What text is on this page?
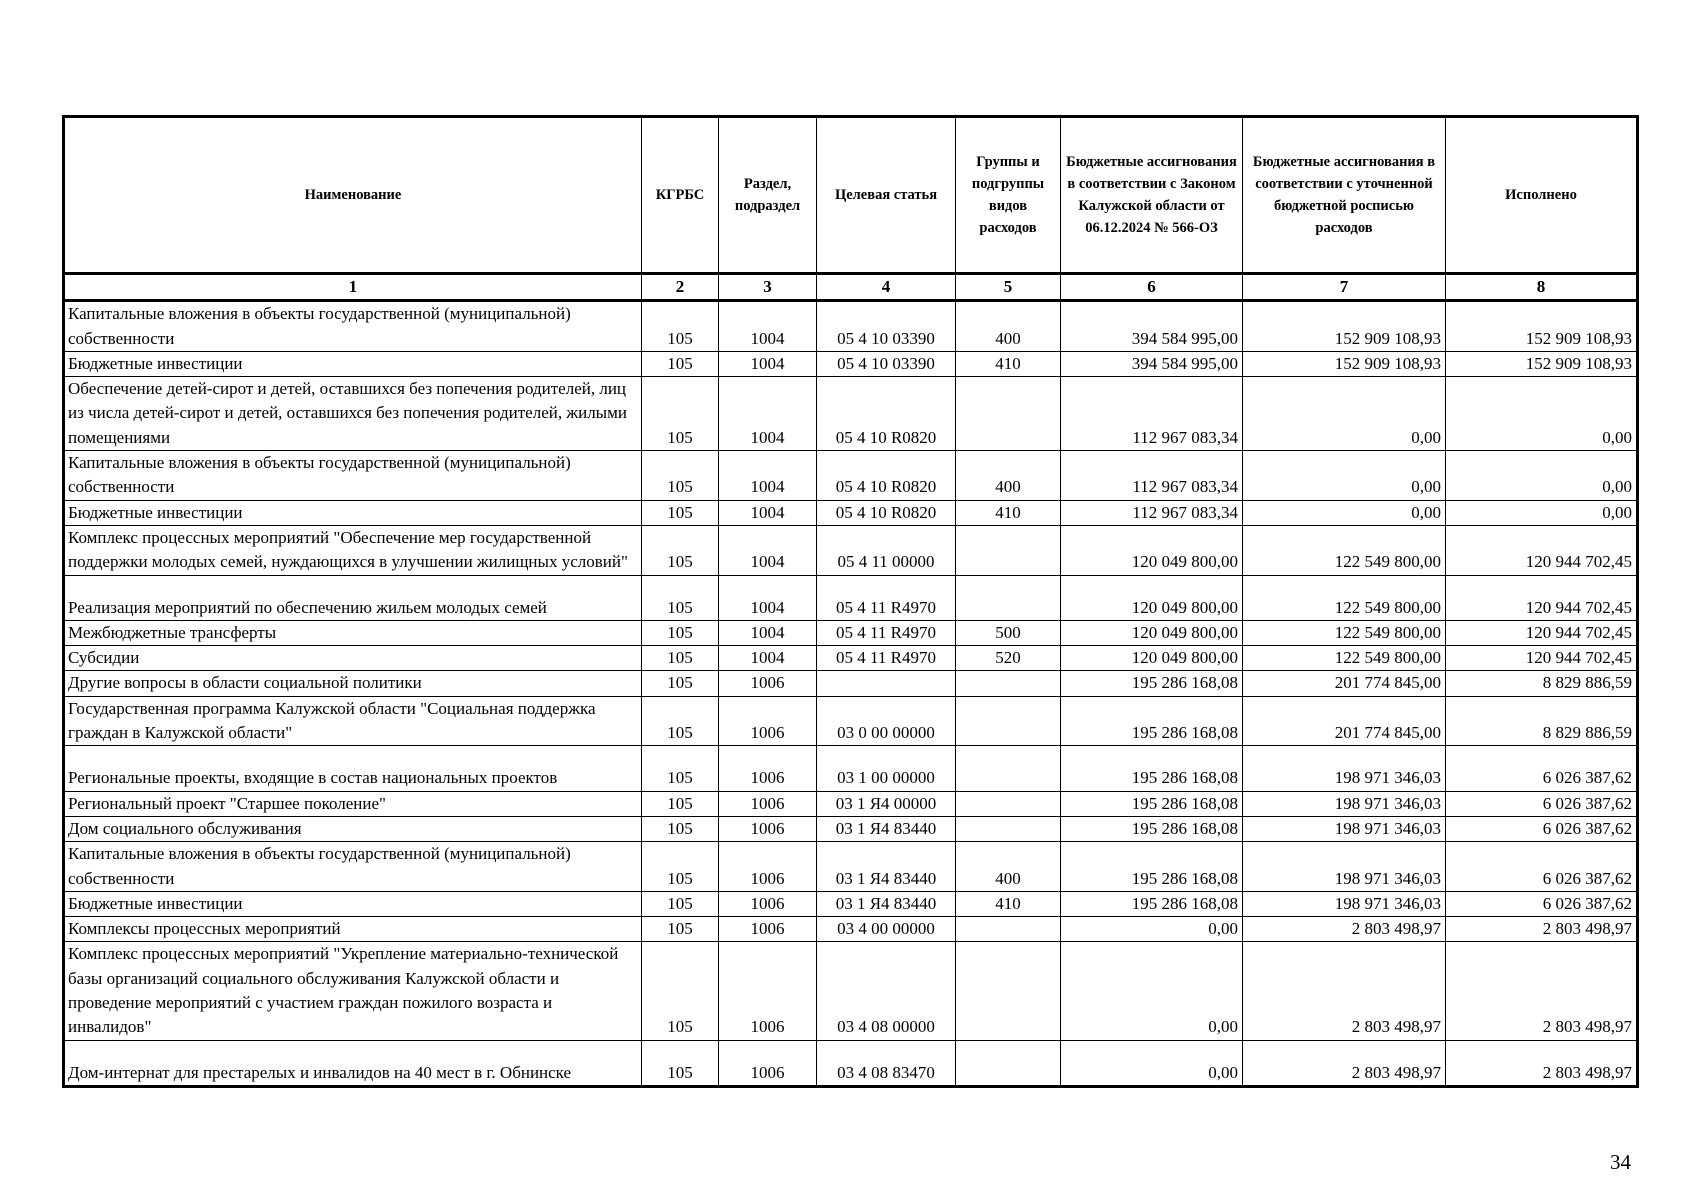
Наименование	КГРБС	Раздел, подраздел	Целевая статья	Группы и подгруппы видов расходов	Бюджетные ассигнования в соответствии с Законом Калужской области от 06.12.2024 № 566-ОЗ	Бюджетные ассигнования в соответствии с уточненной бюджетной росписью расходов	Исполнено
1	2	3	4	5	6	7	8
Капитальные вложения в объекты государственной (муниципальной) собственности	105	1004	05 4 10 03390	400	394 584 995,00	152 909 108,93	152 909 108,93
Бюджетные инвестиции	105	1004	05 4 10 03390	410	394 584 995,00	152 909 108,93	152 909 108,93
Обеспечение детей-сирот и детей, оставшихся без попечения родителей, лиц из числа детей-сирот и детей, оставшихся без попечения родителей, жилыми помещениями	105	1004	05 4 10 R0820		112 967 083,34	0,00	0,00
Капитальные вложения в объекты государственной (муниципальной) собственности	105	1004	05 4 10 R0820	400	112 967 083,34	0,00	0,00
Бюджетные инвестиции	105	1004	05 4 10 R0820	410	112 967 083,34	0,00	0,00
Комплекс процессных мероприятий "Обеспечение мер государственной поддержки молодых семей, нуждающихся в улучшении жилищных условий"	105	1004	05 4 11 00000		120 049 800,00	122 549 800,00	120 944 702,45
Реализация мероприятий по обеспечению жильем молодых семей	105	1004	05 4 11 R4970		120 049 800,00	122 549 800,00	120 944 702,45
Межбюджетные трансферты	105	1004	05 4 11 R4970	500	120 049 800,00	122 549 800,00	120 944 702,45
Субсидии	105	1004	05 4 11 R4970	520	120 049 800,00	122 549 800,00	120 944 702,45
Другие вопросы в области социальной политики	105	1006			195 286 168,08	201 774 845,00	8 829 886,59
Государственная программа Калужской области "Социальная поддержка граждан в Калужской области"	105	1006	03 0 00 00000		195 286 168,08	201 774 845,00	8 829 886,59
Региональные проекты, входящие в состав национальных проектов	105	1006	03 1 00 00000		195 286 168,08	198 971 346,03	6 026 387,62
Региональный проект "Старшее поколение"	105	1006	03 1 Я4 00000		195 286 168,08	198 971 346,03	6 026 387,62
Дом социального обслуживания	105	1006	03 1 Я4 83440		195 286 168,08	198 971 346,03	6 026 387,62
Капитальные вложения в объекты государственной (муниципальной) собственности	105	1006	03 1 Я4 83440	400	195 286 168,08	198 971 346,03	6 026 387,62
Бюджетные инвестиции	105	1006	03 1 Я4 83440	410	195 286 168,08	198 971 346,03	6 026 387,62
Комплексы процессных мероприятий	105	1006	03 4 00 00000		0,00	2 803 498,97	2 803 498,97
Комплекс процессных мероприятий "Укрепление материально-технической базы организаций социального обслуживания Калужской области и проведение мероприятий с участием граждан пожилого возраста и инвалидов"	105	1006	03 4 08 00000		0,00	2 803 498,97	2 803 498,97
Дом-интернат для престарелых и инвалидов на 40 мест в г. Обнинске	105	1006	03 4 08 83470		0,00	2 803 498,97	2 803 498,97
34
